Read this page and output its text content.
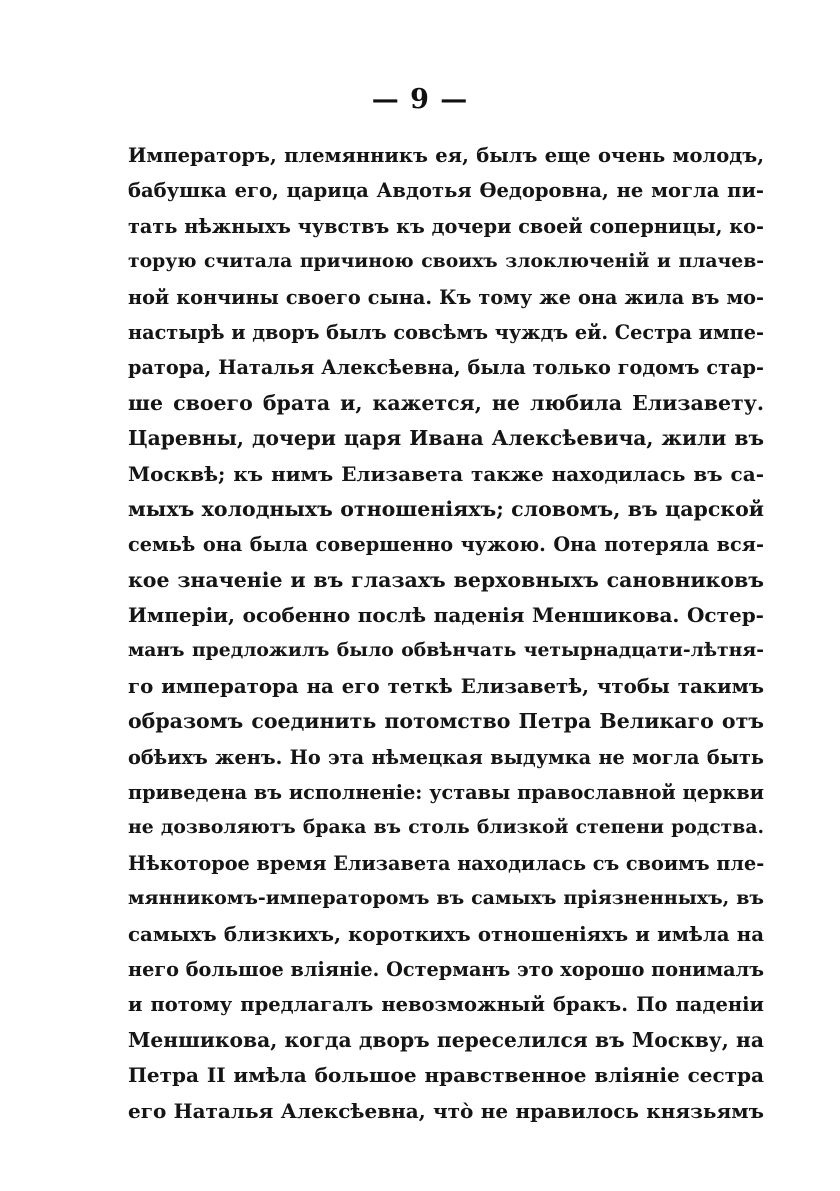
— 9 —
Императоръ, племянникъ ея, былъ еще очень молодъ,
бабушка его, царица Авдотья Өедоровна, не могла пи-
тать нѣжныхъ чувствъ къ дочери своей соперницы, ко-
торую считала причиною своихъ злоключеній и плачев-
ной кончины своего сына. Къ тому же она жила въ мо-
настырѣ и дворъ былъ совсѣмъ чуждъ ей. Сестра импе-
ратора, Наталья Алексѣевна, была только годомъ стар-
ше своего брата и, кажется, не любила Елизавету.
Царевны, дочери царя Ивана Алексѣевича, жили въ
Москвѣ; къ нимъ Елизавета также находилась въ са-
мыхъ холодныхъ отношеніяхъ; словомъ, въ царской
семьѣ она была совершенно чужою. Она потеряла вся-
кое значеніе и въ глазахъ верховныхъ сановниковъ
Имперіи, особенно послѣ паденія Меншикова. Остер-
манъ предложилъ было обвѣнчать четырнадцати-лѣтня-
го императора на его теткѣ Елизаветѣ, чтобы такимъ
образомъ соединить потомство Петра Великаго отъ
обѣихъ женъ. Но эта нѣмецкая выдумка не могла быть
приведена въ исполненіе: уставы православной церкви
не дозволяютъ брака въ столь близкой степени родства.
Нѣкоторое время Елизавета находилась съ своимъ пле-
мянникомъ-императоромъ въ самыхъ пріязненныхъ, въ
самыхъ близкихъ, короткихъ отношеніяхъ и имѣла на
него большое вліяніе. Остерманъ это хорошо понималъ
и потому предлагалъ невозможный бракъ. По паденіи
Меншикова, когда дворъ переселился въ Москву, на
Петра II имѣла большое нравственное вліяніе сестра
его Наталья Алексѣевна, что̀ не нравилось князьямъ
